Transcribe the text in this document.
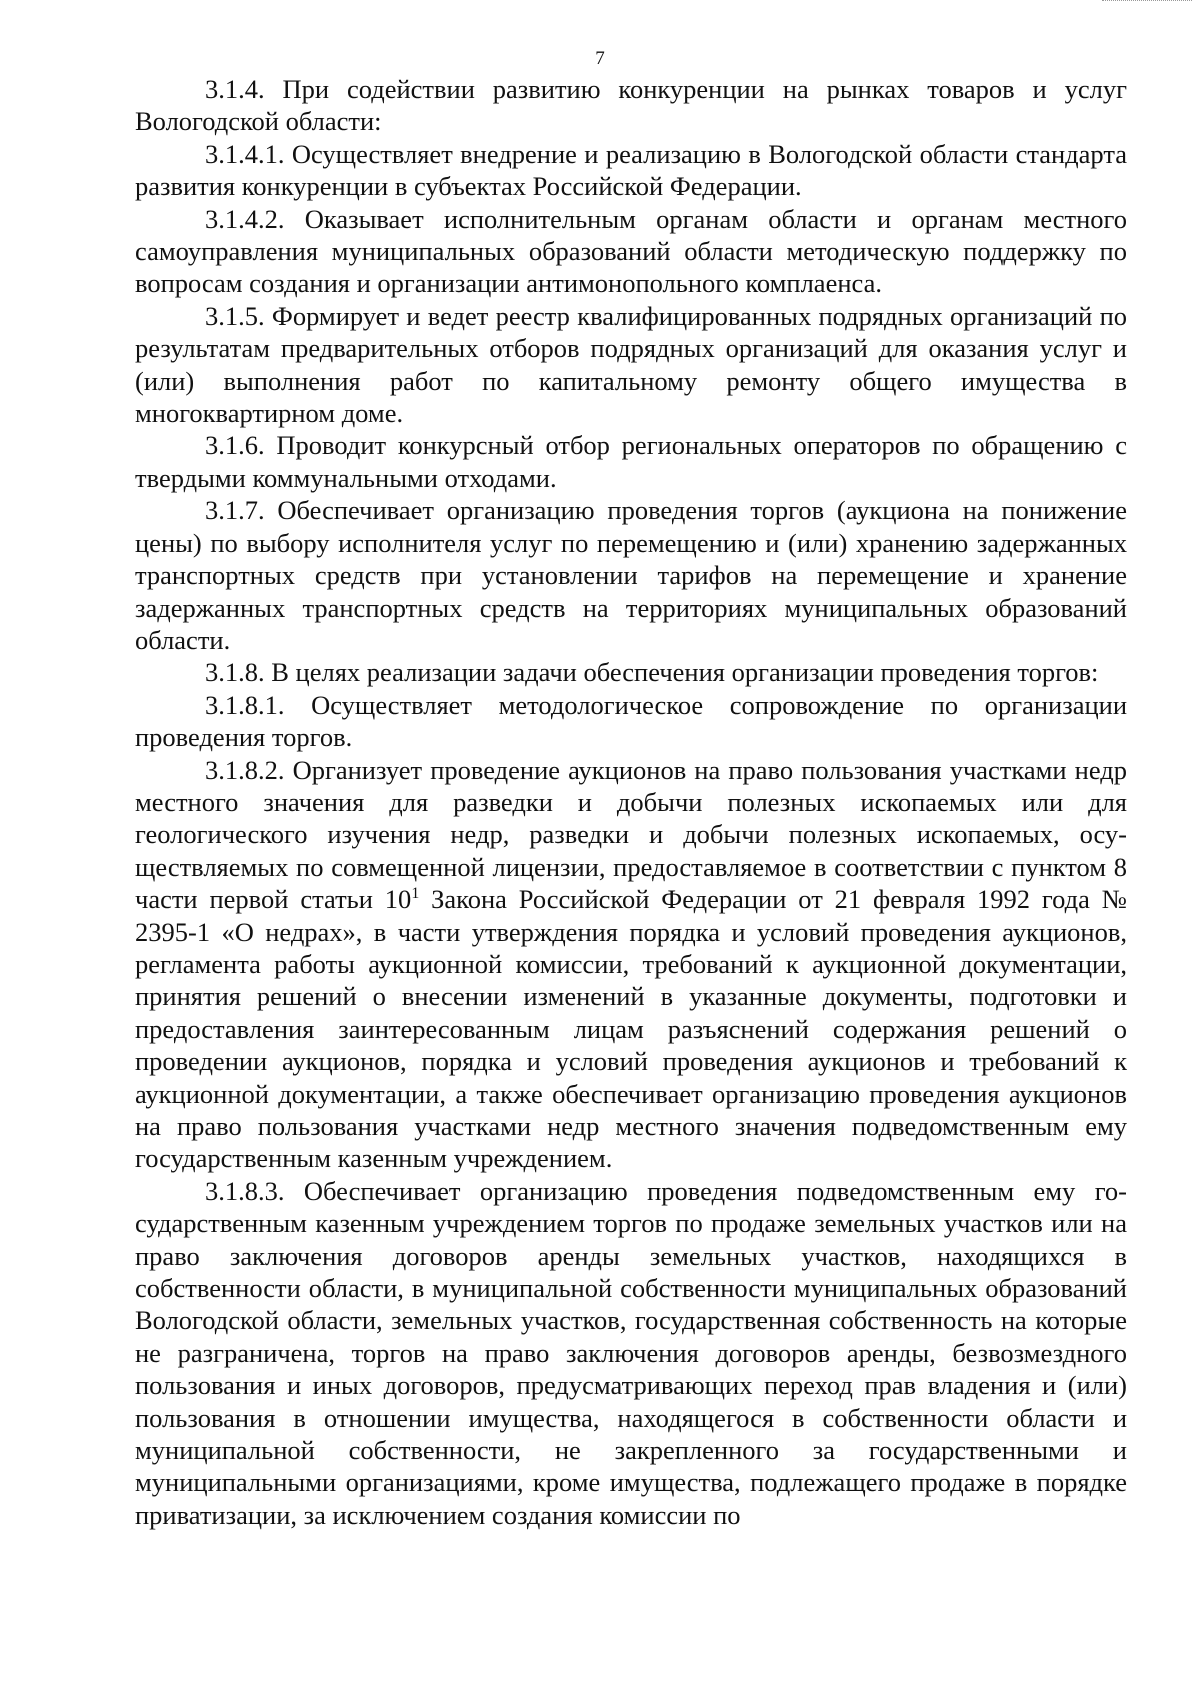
7

3.1.4. При содействии развитию конкуренции на рынках товаров и услуг Вологодской области:

3.1.4.1. Осуществляет внедрение и реализацию в Вологодской области стандарта развития конкуренции в субъектах Российской Федерации.

3.1.4.2. Оказывает исполнительным органам области и органам местного самоуправления муниципальных образований области методическую поддержку по вопросам создания и организации антимонопольного комплаенса.

3.1.5. Формирует и ведет реестр квалифицированных подрядных организаций по результатам предварительных отборов подрядных организаций для оказания услуг и (или) выполнения работ по капитальному ремонту общего имущества в многоквартирном доме.

3.1.6. Проводит конкурсный отбор региональных операторов по обращению с твердыми коммунальными отходами.

3.1.7. Обеспечивает организацию проведения торгов (аукциона на понижение цены) по выбору исполнителя услуг по перемещению и (или) хранению задержанных транспортных средств при установлении тарифов на перемещение и хранение задержанных транспортных средств на территориях муниципальных образований области.

3.1.8. В целях реализации задачи обеспечения организации проведения торгов:

3.1.8.1. Осуществляет методологическое сопровождение по организации проведения торгов.

3.1.8.2. Организует проведение аукционов на право пользования участками недр местного значения для разведки и добычи полезных ископаемых или для геологического изучения недр, разведки и добычи полезных ископаемых, осуществляемых по совмещенной лицензии, предоставляемое в соответствии с пунктом 8 части первой статьи $10^1$ Закона Российской Федерации от 21 февраля 1992 года № 2395-1 «О недрах», в части утверждения порядка и условий проведения аукционов, регламента работы аукционной комиссии, требований к аукционной документации, принятия решений о внесении изменений в указанные документы, подготовки и предоставления заинтересованным лицам разъяснений содержания решений о проведении аукционов, порядка и условий проведения аукционов и требований к аукционной документации, а также обеспечивает организацию проведения аукционов на право пользования участками недр местного значения подведомственным ему государственным казенным учреждением.

3.1.8.3. Обеспечивает организацию проведения подведомственным ему государственным казенным учреждением торгов по продаже земельных участков или на право заключения договоров аренды земельных участков, находящихся в собственности области, в муниципальной собственности муниципальных образований Вологодской области, земельных участков, государственная собственность на которые не разграничена, торгов на право заключения договоров аренды, безвозмездного пользования и иных договоров, предусматривающих переход прав владения и (или) пользования в отношении имущества, находящегося в собственности области и муниципальной собственности, не закрепленного за государственными и муниципальными организациями, кроме имущества, подлежащего продаже в порядке приватизации, за исключением создания комиссии по
